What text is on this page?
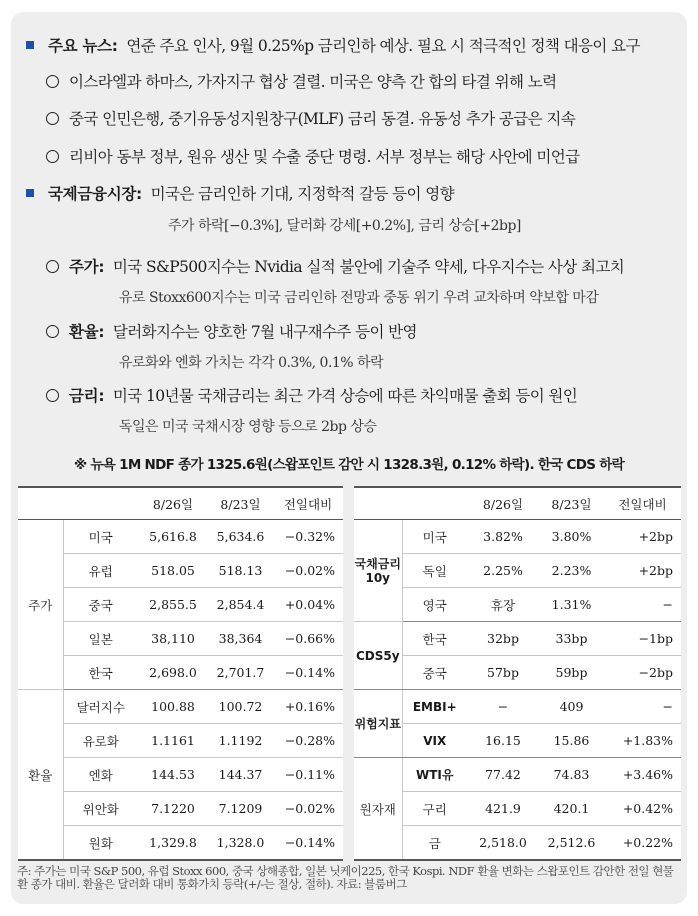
주요 뉴스: 연준 주요 인사, 9월 0.25%p 금리인하 예상. 필요 시 적극적인 정책 대응이 요구
이스라엘과 하마스, 가자지구 협상 결렬. 미국은 양측 간 합의 타결 위해 노력
중국 인민은행, 중기유동성지원창구(MLF) 금리 동결. 유동성 추가 공급은 지속
리비아 동부 정부, 원유 생산 및 수출 중단 명령. 서부 정부는 해당 사안에 미언급
국제금융시장: 미국은 금리인하 기대, 지정학적 갈등 등이 영향
주가 하락[−0.3%], 달러화 강세[+0.2%], 금리 상승[+2bp]
주가: 미국 S&P500지수는 Nvidia 실적 불안에 기술주 약세, 다우지수는 사상 최고치
유로 Stoxx600지수는 미국 금리인하 전망과 중동 위기 우려 교차하며 약보합 마감
환율: 달러화지수는 양호한 7월 내구재수주 등이 반영
유로화와 엔화 가치는 각각 0.3%, 0.1% 하락
금리: 미국 10년물 국채금리는 최근 가격 상승에 따른 차익매물 출회 등이 원인
독일은 미국 국채시장 영향 등으로 2bp 상승
※ 뉴욕 1M NDF 종가 1325.6원(스왑포인트 감안 시 1328.3원, 0.12% 하락). 한국 CDS 하락
		8/26일	8/23일	전일대비
주가	미국	5,616.8	5,634.6	−0.32%
	유럽	518.05	518.13	−0.02%
	중국	2,855.5	2,854.4	+0.04%
	일본	38,110	38,364	−0.66%
	한국	2,698.0	2,701.7	−0.14%
환율	달러지수	100.88	100.72	+0.16%
	유로화	1.1161	1.1192	−0.28%
	엔화	144.53	144.37	−0.11%
	위안화	7.1220	7.1209	−0.02%
	원화	1,329.8	1,328.0	−0.14%
		8/26일	8/23일	전일대비
국채금리10y	미국	3.82%	3.80%	+2bp
	독일	2.25%	2.23%	+2bp
	영국	휴장	1.31%	−
CDS5y	한국	32bp	33bp	−1bp
	중국	57bp	59bp	−2bp
위험지표	EMBI+	−	409	−
	VIX	16.15	15.86	+1.83%
원자재	WTI유	77.42	74.83	+3.46%
	구리	421.9	420.1	+0.42%
	금	2,518.0	2,512.6	+0.22%
주: 주가는 미국 S&P 500, 유럽 Stoxx 600, 중국 상해종합, 일본 닛케이225, 한국 Kospi. NDF 환율 변화는 스왑포인트 감안한 전일 현물환 종가 대비. 환율은 달러화 대비 통화가치 등락(+/-는 절상, 절하). 자료: 블룸버그
